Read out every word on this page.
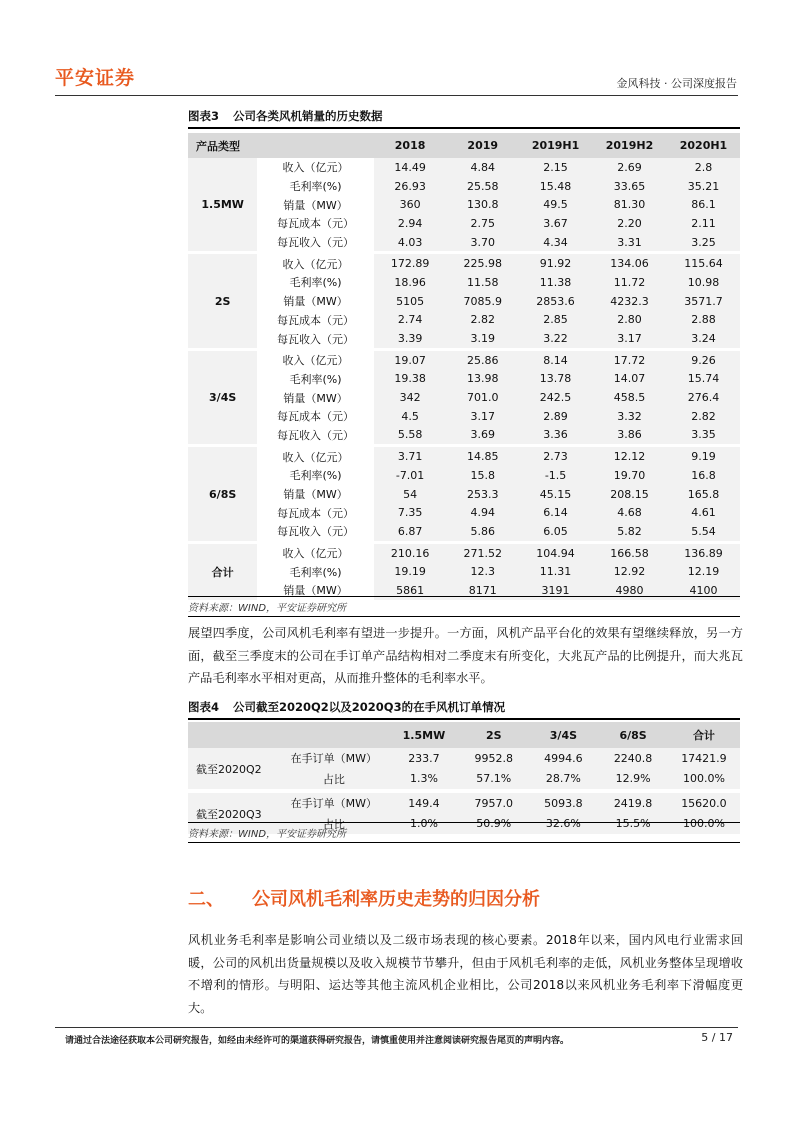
平安证券	金风科技 · 公司深度报告
图表3 公司各类风机销量的历史数据
产品类型		2018	2019	2019H1	2019H2	2020H1
1.5MW	收入（亿元）	14.49	4.84	2.15	2.69	2.8
	毛利率(%)	26.93	25.58	15.48	33.65	35.21
	销量（MW）	360	130.8	49.5	81.30	86.1
	每瓦成本（元）	2.94	2.75	3.67	2.20	2.11
	每瓦收入（元）	4.03	3.70	4.34	3.31	3.25
2S	收入（亿元）	172.89	225.98	91.92	134.06	115.64
	毛利率(%)	18.96	11.58	11.38	11.72	10.98
	销量（MW）	5105	7085.9	2853.6	4232.3	3571.7
	每瓦成本（元）	2.74	2.82	2.85	2.80	2.88
	每瓦收入（元）	3.39	3.19	3.22	3.17	3.24
3/4S	收入（亿元）	19.07	25.86	8.14	17.72	9.26
	毛利率(%)	19.38	13.98	13.78	14.07	15.74
	销量（MW）	342	701.0	242.5	458.5	276.4
	每瓦成本（元）	4.5	3.17	2.89	3.32	2.82
	每瓦收入（元）	5.58	3.69	3.36	3.86	3.35
6/8S	收入（亿元）	3.71	14.85	2.73	12.12	9.19
	毛利率(%)	-7.01	15.8	-1.5	19.70	16.8
	销量（MW）	54	253.3	45.15	208.15	165.8
	每瓦成本（元）	7.35	4.94	6.14	4.68	4.61
	每瓦收入（元）	6.87	5.86	6.05	5.82	5.54
合计	收入（亿元）	210.16	271.52	104.94	166.58	136.89
	毛利率(%)	19.19	12.3	11.31	12.92	12.19
	销量（MW）	5861	8171	3191	4980	4100
资料来源：WIND，平安证券研究所
展望四季度，公司风机毛利率有望进一步提升。一方面，风机产品平台化的效果有望继续释放，另一方面，截至三季度末的公司在手订单产品结构相对二季度末有所变化，大兆瓦产品的比例提升，而大兆瓦产品毛利率水平相对更高，从而推升整体的毛利率水平。
图表4 公司截至2020Q2以及2020Q3的在手风机订单情况
		1.5MW	2S	3/4S	6/8S	合计
截至2020Q2	在手订单（MW）	233.7	9952.8	4994.6	2240.8	17421.9
	占比	1.3%	57.1%	28.7%	12.9%	100.0%

截至2020Q3	在手订单（MW）	149.4	7957.0	5093.8	2419.8	15620.0
	占比	1.0%	50.9%	32.6%	15.5%	100.0%
资料来源：WIND，平安证券研究所
二、 公司风机毛利率历史走势的归因分析
风机业务毛利率是影响公司业绩以及二级市场表现的核心要素。2018年以来，国内风电行业需求回暖，公司的风机出货量规模以及收入规模节节攀升，但由于风机毛利率的走低，风机业务整体呈现增收不增利的情形。与明阳、运达等其他主流风机企业相比，公司2018以来风机业务毛利率下滑幅度更大。
请通过合法途径获取本公司研究报告，如经由未经许可的渠道获得研究报告，请慎重使用并注意阅读研究报告尾页的声明内容。	5 / 17
